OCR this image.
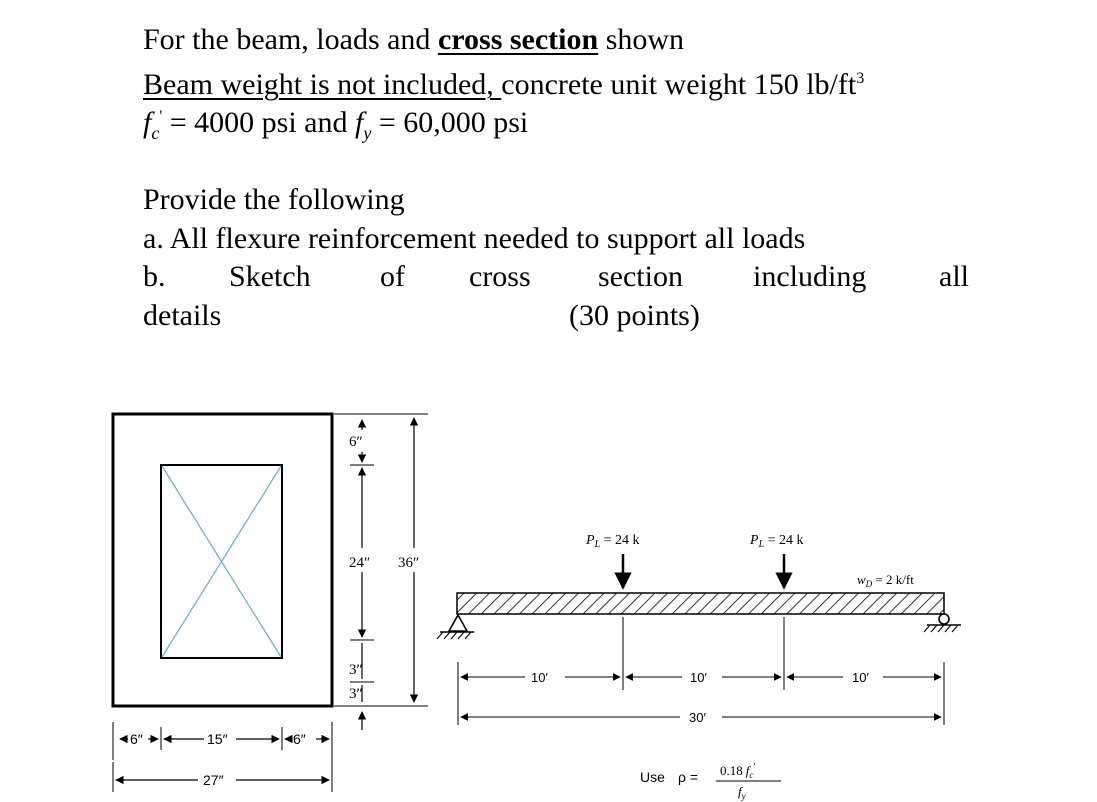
For the beam, loads and cross section shown
Beam weight is not included, concrete unit weight 150 $lb/ft^3$
$f_c' = 4000$ psi and $f_y = 60,000$ psi
Provide the following
a. All flexure reinforcement needed to support all loads
b. Sketch of cross section including all
details	(30 points)
6″
24″ 36″
3″
3″
6″	15″	6″
27″
$P_L = 24$ k	$P_L = 24$ k
$w_D = 2$ k/ft
10′	10′	10′
30′
Use ρ = 0.18 $f_c'$
$f_y$
